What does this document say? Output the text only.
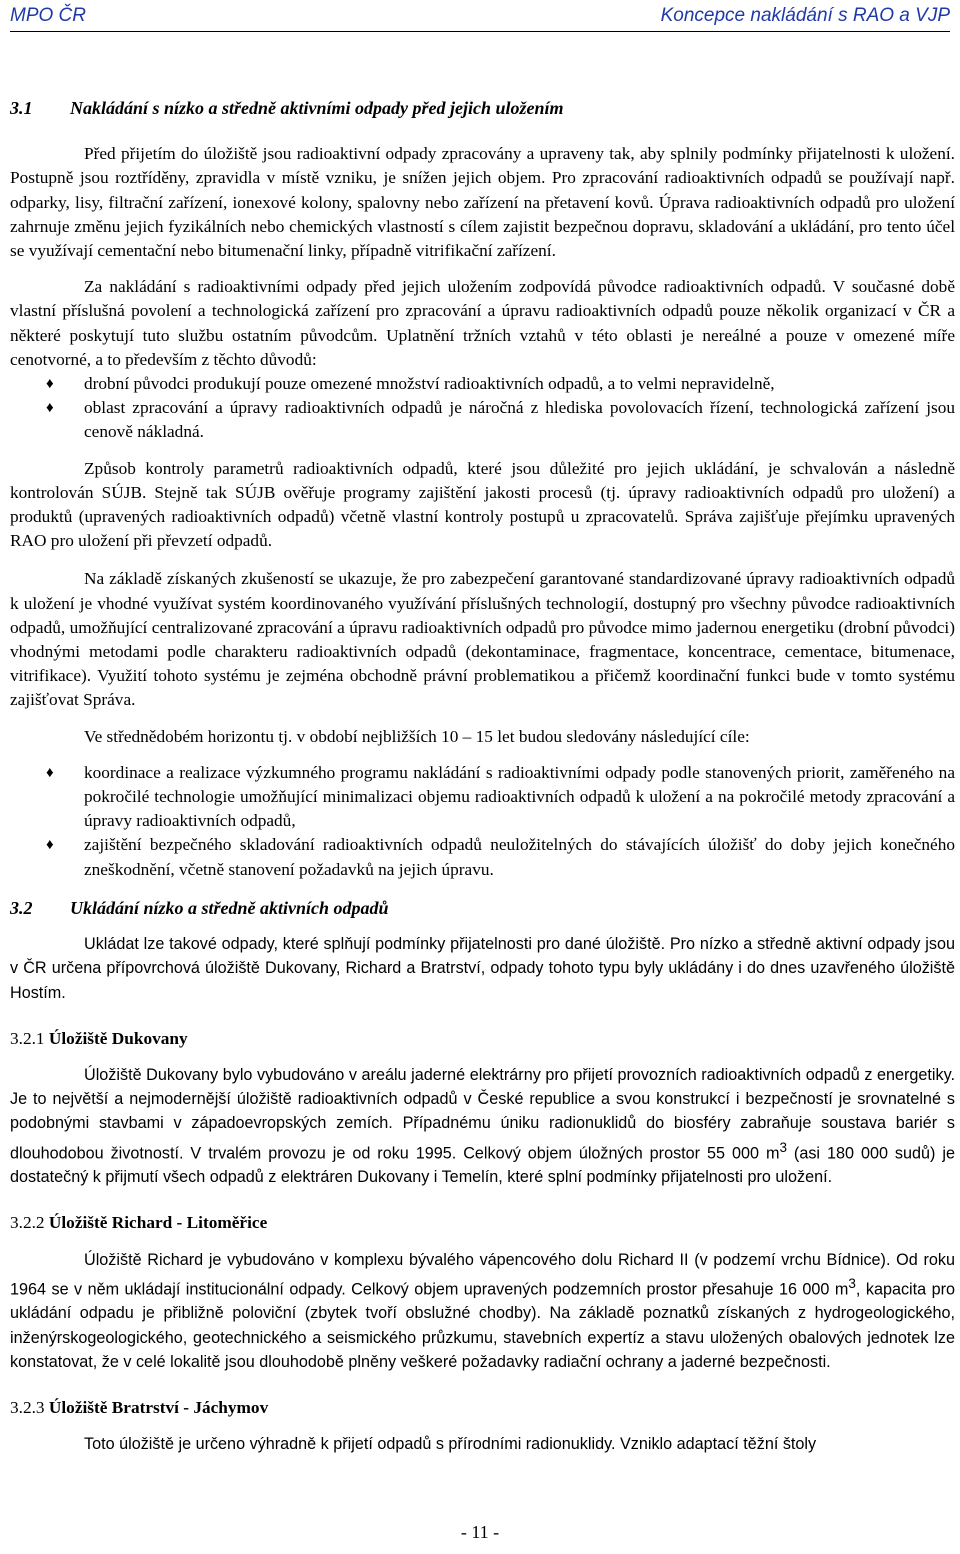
MPO ČR	Koncepce nakládání s RAO a VJP
3.1 Nakládání s nízko a středně aktivními odpady před jejich uložením

Před přijetím do úložiště jsou radioaktivní odpady zpracovány a upraveny tak, aby splnily podmínky přijatelnosti k uložení. Postupně jsou roztříděny, zpravidla v místě vzniku, je snížen jejich objem. Pro zpracování radioaktivních odpadů se používají např. odparky, lisy, filtrační zařízení, ionexové kolony, spalovny nebo zařízení na přetavení kovů. Úprava radioaktivních odpadů pro uložení zahrnuje změnu jejich fyzikálních nebo chemických vlastností s cílem zajistit bezpečnou dopravu, skladování a ukládání, pro tento účel se využívají cementační nebo bitumenační linky, případně vitrifikační zařízení.

Za nakládání s radioaktivními odpady před jejich uložením zodpovídá původce radioaktivních odpadů. V současné době vlastní příslušná povolení a technologická zařízení pro zpracování a úpravu radioaktivních odpadů pouze několik organizací v ČR a některé poskytují tuto službu ostatním původcům. Uplatnění tržních vztahů v této oblasti je nereálné a pouze v omezené míře cenotvorné, a to především z těchto důvodů:

♦ drobní původci produkují pouze omezené množství radioaktivních odpadů, a to velmi nepravidelně,
♦ oblast zpracování a úpravy radioaktivních odpadů je náročná z hlediska povolovacích řízení, technologická zařízení jsou cenově nákladná.

Způsob kontroly parametrů radioaktivních odpadů, které jsou důležité pro jejich ukládání, je schvalován a následně kontrolován SÚJB. Stejně tak SÚJB ověřuje programy zajištění jakosti procesů (tj. úpravy radioaktivních odpadů pro uložení) a produktů (upravených radioaktivních odpadů) včetně vlastní kontroly postupů u zpracovatelů. Správa zajišťuje přejímku upravených RAO pro uložení při převzetí odpadů.

Na základě získaných zkušeností se ukazuje, že pro zabezpečení garantované standardizované úpravy radioaktivních odpadů k uložení je vhodné využívat systém koordinovaného využívání příslušných technologií, dostupný pro všechny původce radioaktivních odpadů, umožňující centralizované zpracování a úpravu radioaktivních odpadů pro původce mimo jadernou energetiku (drobní původci) vhodnými metodami podle charakteru radioaktivních odpadů (dekontaminace, fragmentace, koncentrace, cementace, bitumenace, vitrifikace). Využití tohoto systému je zejména obchodně právní problematikou a přičemž koordinační funkci bude v tomto systému zajišťovat Správa.

Ve střednědobém horizontu tj. v období nejbližších 10 – 15 let budou sledovány následující cíle:

♦ koordinace a realizace výzkumného programu nakládání s radioaktivními odpady podle stanovených priorit, zaměřeného na pokročilé technologie umožňující minimalizaci objemu radioaktivních odpadů k uložení a na pokročilé metody zpracování a úpravy radioaktivních odpadů,
♦ zajištění bezpečného skladování radioaktivních odpadů neuložitelných do stávajících úložišť do doby jejich konečného zneškodnění, včetně stanovení požadavků na jejich úpravu.
3.2 Ukládání nízko a středně aktivních odpadů

Ukládat lze takové odpady, které splňují podmínky přijatelnosti pro dané úložiště. Pro nízko a středně aktivní odpady jsou v ČR určena přípovrchová úložiště Dukovany, Richard a Bratrství, odpady tohoto typu byly ukládány i do dnes uzavřeného úložiště Hostím.

3.2.1 Úložiště Dukovany

Úložiště Dukovany bylo vybudováno v areálu jaderné elektrárny pro přijetí provozních radioaktivních odpadů z energetiky. Je to největší a nejmodernější úložiště radioaktivních odpadů v České republice a svou konstrukcí i bezpečností je srovnatelné s podobnými stavbami v západoevropských zemích. Případnému úniku radionuklidů do biosféry zabraňuje soustava bariér s dlouhodobou životností. V trvalém provozu je od roku 1995. Celkový objem úložných prostor 55 000 $m^3$ (asi 180 000 sudů) je dostatečný k přijmutí všech odpadů z elektráren Dukovany i Temelín, které splní podmínky přijatelnosti pro uložení.

3.2.2 Úložiště Richard - Litoměřice

Úložiště Richard je vybudováno v komplexu bývalého vápencového dolu Richard II (v podzemí vrchu Bídnice). Od roku 1964 se v něm ukládají institucionální odpady. Celkový objem upravených podzemních prostor přesahuje 16 000 $m^3$, kapacita pro ukládání odpadu je přibližně poloviční (zbytek tvoří obslužné chodby). Na základě poznatků získaných z hydrogeologického, inženýrskogeologického, geotechnického a seismického průzkumu, stavebních expertíz a stavu uložených obalových jednotek lze konstatovat, že v celé lokalitě jsou dlouhodobě plněny veškeré požadavky radiační ochrany a jaderné bezpečnosti.

3.2.3 Úložiště Bratrství - Jáchymov

Toto úložiště je určeno výhradně k přijetí odpadů s přírodními radionuklidy. Vzniklo adaptací těžní štoly

- 11 -
